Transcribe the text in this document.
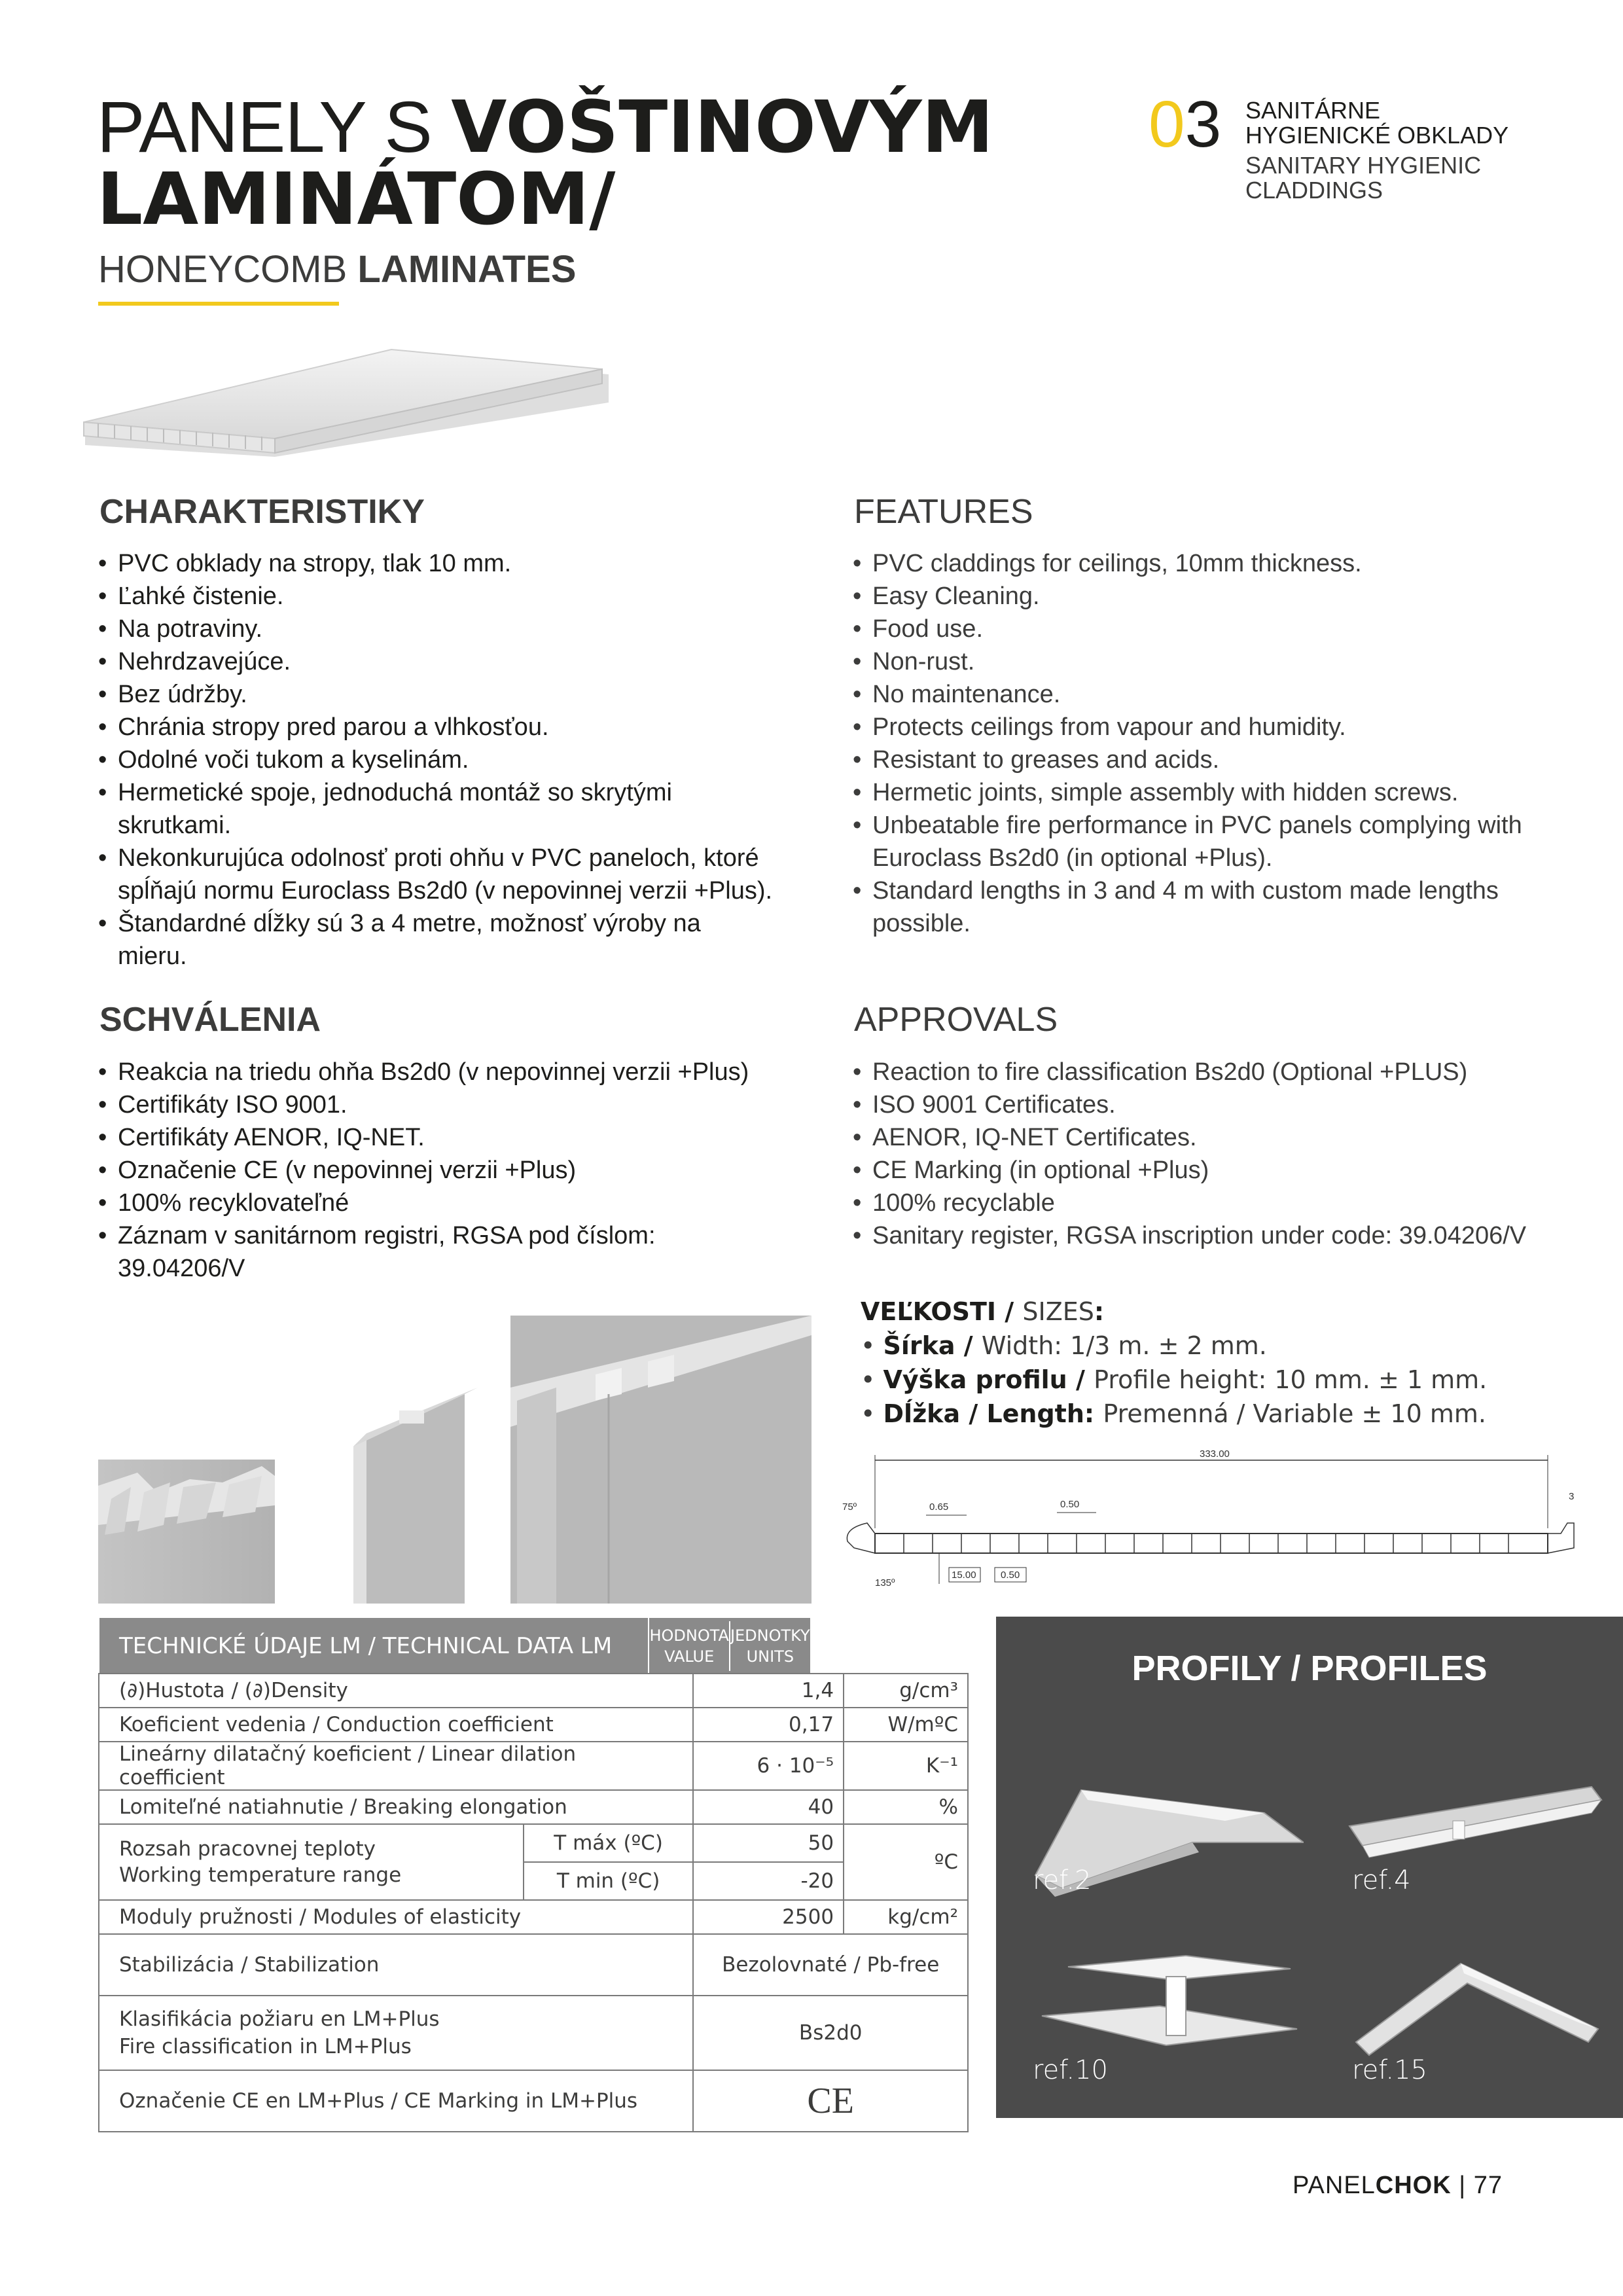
PANELY S VOŠTINOVÝM
LAMINÁTOM/
HONEYCOMB LAMINATES
03 SANITÁRNE
HYGIENICKÉ OBKLADY
SANITARY HYGIENIC
CLADDINGS
CHARAKTERISTIKY	FEATURES
• PVC obklady na stropy, tlak 10 mm.
• Ľahké čistenie.
• Na potraviny.
• Nehrdzavejúce.
• Bez údržby.
• Chránia stropy pred parou a vlhkosťou.
• Odolné voči tukom a kyselinám.
• Hermetické spoje, jednoduchá montáž so skrytými skrutkami.
• Nekonkurujúca odolnosť proti ohňu v PVC paneloch, ktoré spĺňajú normu Euroclass Bs2d0 (v nepovinnej verzii +Plus).
• Štandardné dĺžky sú 3 a 4 metre, možnosť výroby na mieru.
• PVC claddings for ceilings, 10mm thickness.
• Easy Cleaning.
• Food use.
• Non-rust.
• No maintenance.
• Protects ceilings from vapour and humidity.
• Resistant to greases and acids.
• Hermetic joints, simple assembly with hidden screws.
• Unbeatable fire performance in PVC panels complying with Euroclass Bs2d0 (in optional +Plus).
• Standard lengths in 3 and 4 m with custom made lengths possible.
SCHVÁLENIA	APPROVALS
• Reakcia na triedu ohňa Bs2d0 (v nepovinnej verzii +Plus)
• Certifikáty ISO 9001.
• Certifikáty AENOR, IQ-NET.
• Označenie CE (v nepovinnej verzii +Plus)
• 100% recyklovateľné
• Záznam v sanitárnom registri, RGSA pod číslom: 39.04206/V
• Reaction to fire classification Bs2d0 (Optional +PLUS)
• ISO 9001 Certificates.
• AENOR, IQ-NET Certificates.
• CE Marking (in optional +Plus)
• 100% recyclable
• Sanitary register, RGSA inscription under code: 39.04206/V
VEĽKOSTI / SIZES:
• Šírka / Width: 1/3 m. ± 2 mm.
• Výška profilu / Profile height: 10 mm. ± 1 mm.
• Dĺžka / Length: Premenná / Variable ± 10 mm.
333.00
3
75º
135º
0.65	0.50
15.00 0.50
TECHNICKÉ ÚDAJE LM / TECHNICAL DATA LM	HODNOTA
VALUE
JEDNOTKY
UNITS
(∂)Hustota / (∂)Density		1,4	g/cm³
Koeficient vedenia / Conduction coefficient		0,17	W/mºC
Lineárny dilatačný koeficient / Linear dilation coefficient		6 · 10⁻⁵	K⁻¹
Lomiteľné natiahnutie / Breaking elongation		40	%

Rozsah pracovnej teploty
Working temperature range	T máx (ºC)	50	ºC
	T min (ºC)	-20	
Moduly pružnosti / Modules of elasticity		2500	kg/cm²
Stabilizácia / Stabilization		Bezolovnaté / Pb-free	

Klasifikácia požiaru en LM+Plus
Fire classification in LM+Plus		Bs2d0	
Označenie CE en LM+Plus / CE Marking in LM+Plus		CE	
PROFILY / PROFILES
ref.2	ref.4
ref.10	ref.15
PANELCHOK | 77
